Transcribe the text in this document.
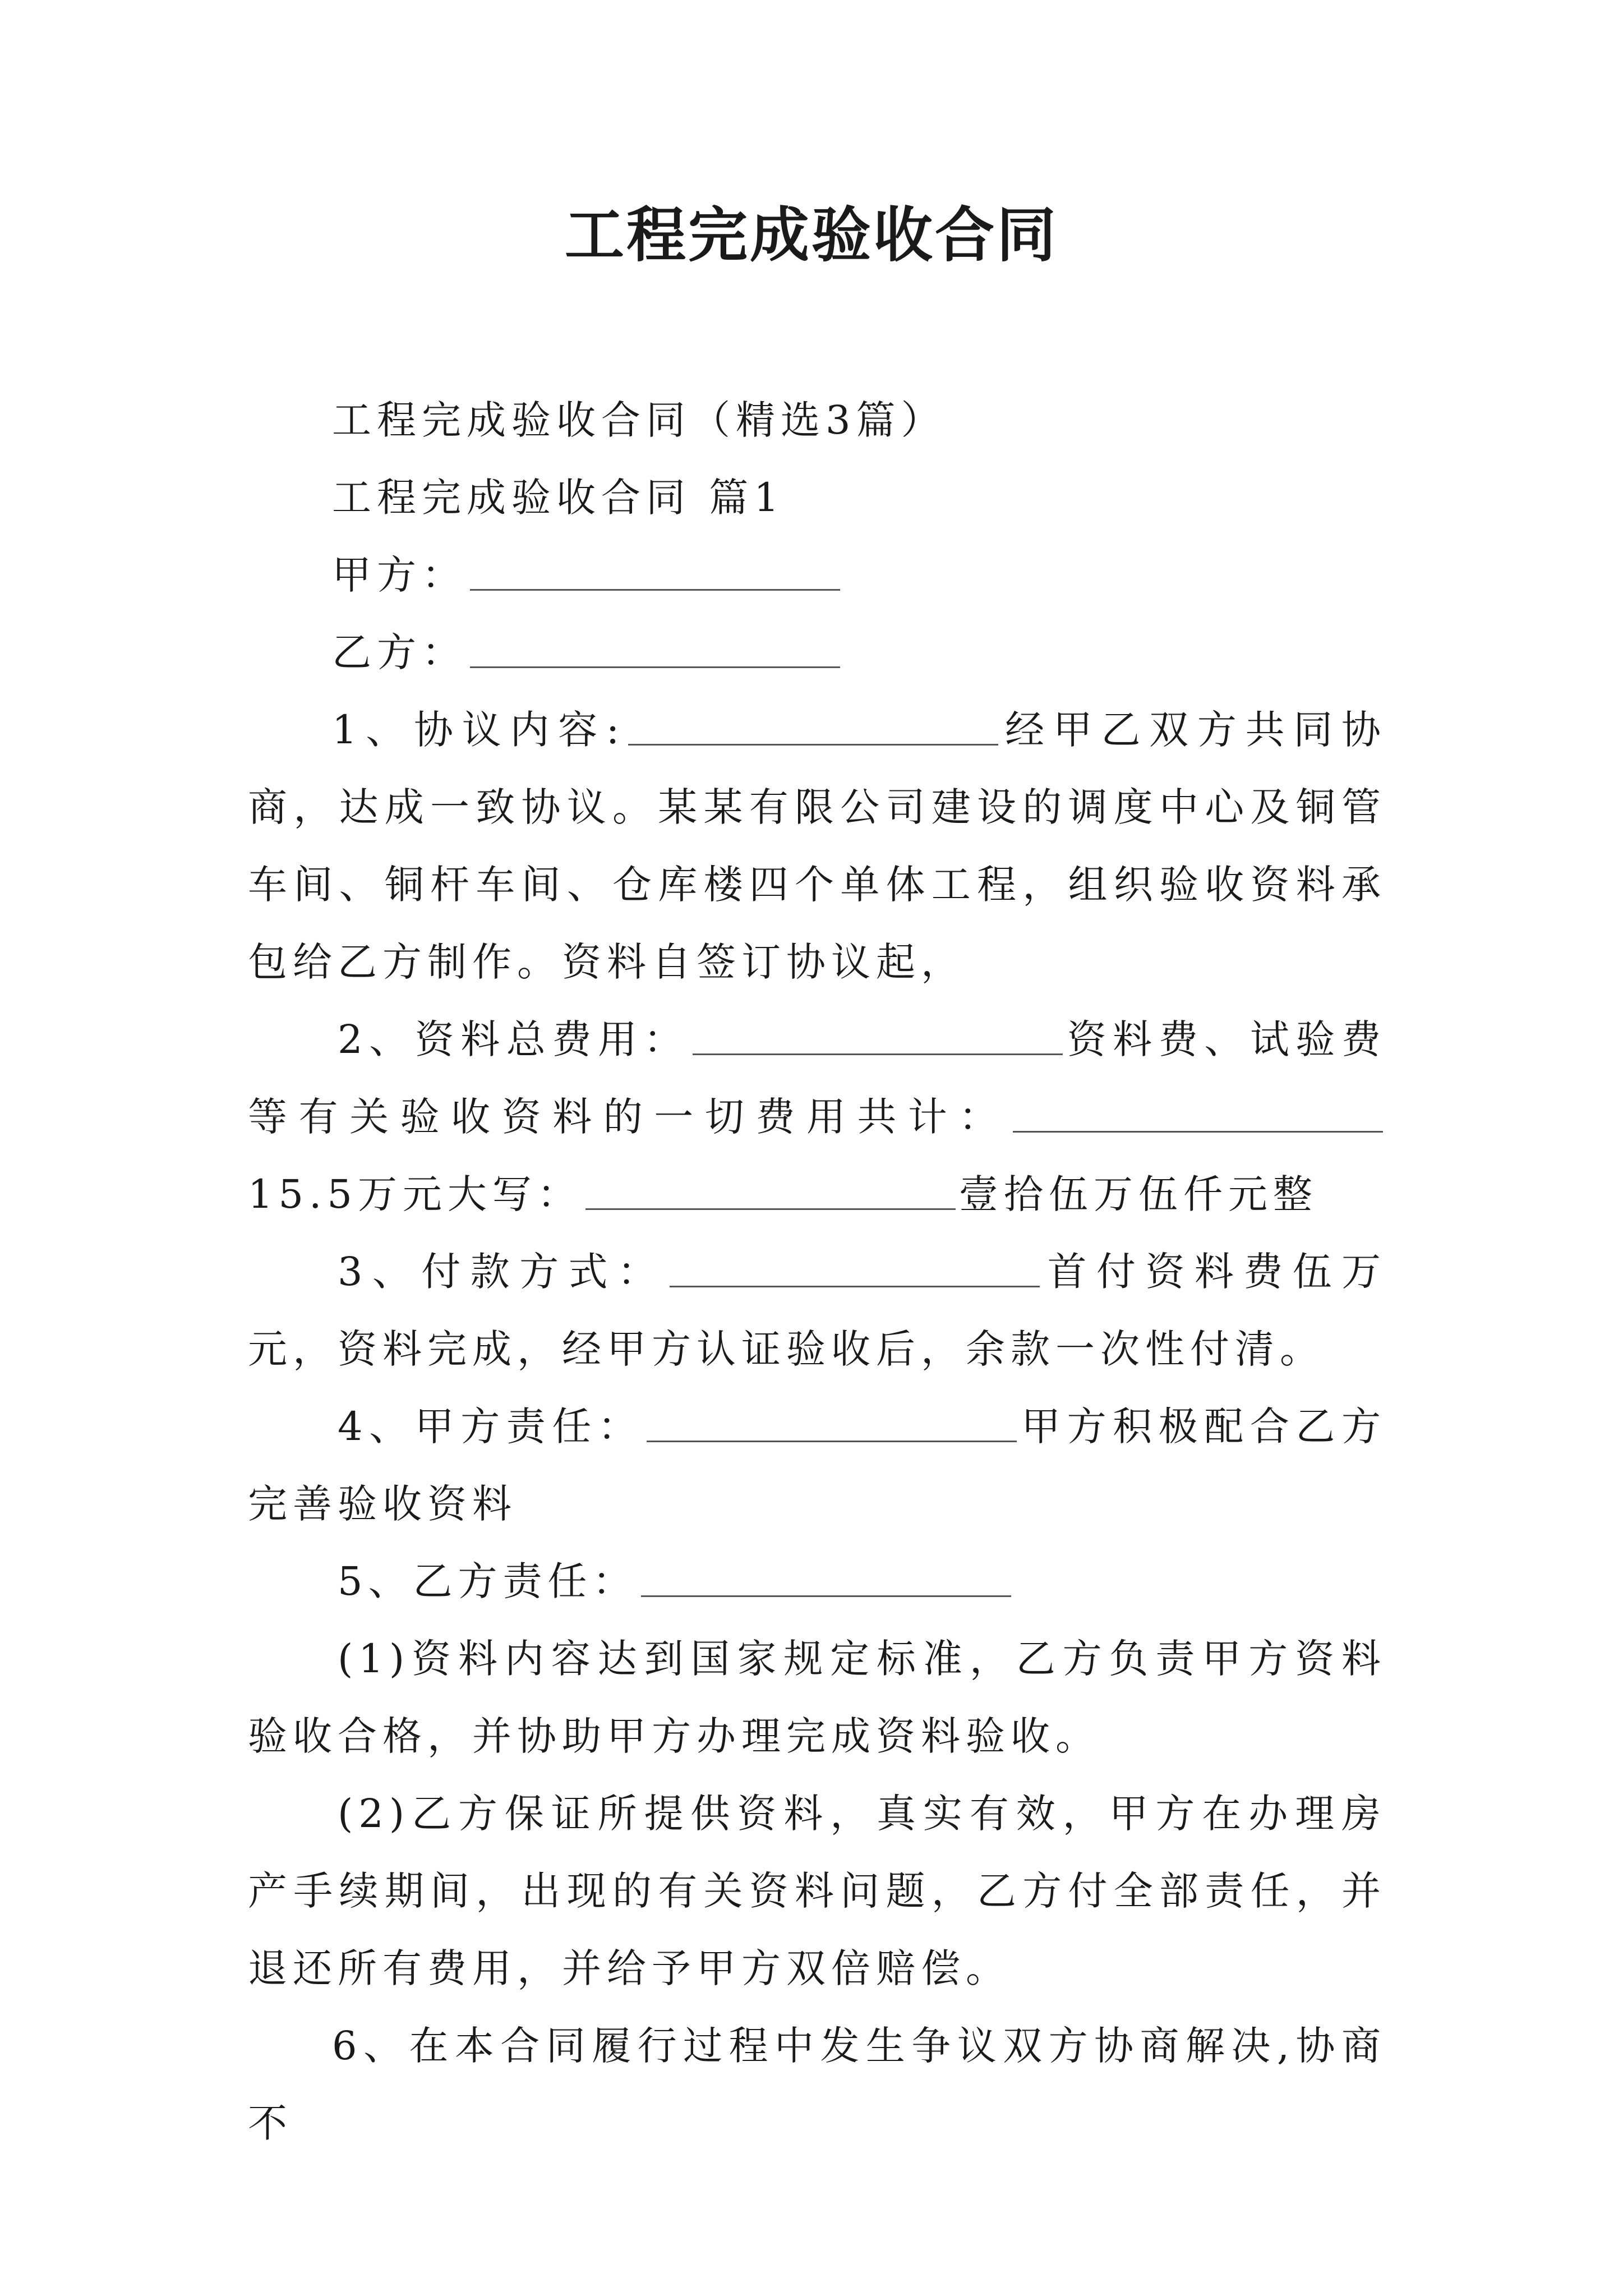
工程完成验收合同

工程完成验收合同（精选3篇）

工程完成验收合同 篇1

甲方：

乙方：

1、协议内容:	经甲乙双方共同协商，达成一致协议。某某有限公司建设的调度中心及铜管车间、铜杆车间、仓库楼四个单体工程，组织验收资料承包给乙方制作。资料自签订协议起，

2、资料总费用：	资料费、试验费等有关验收资料的一切费用共计：15.5万元大写：	壹拾伍万伍仟元整

3、付款方式：	首付资料费伍万元，资料完成，经甲方认证验收后，余款一次性付清。

4、甲方责任：	甲方积极配合乙方完善验收资料

5、乙方责任：

(1)资料内容达到国家规定标准，乙方负责甲方资料验收合格，并协助甲方办理完成资料验收。

(2)乙方保证所提供资料，真实有效，甲方在办理房产手续期间，出现的有关资料问题，乙方付全部责任，并退还所有费用，并给予甲方双倍赔偿。

6、在本合同履行过程中发生争议双方协商解决,协商不
